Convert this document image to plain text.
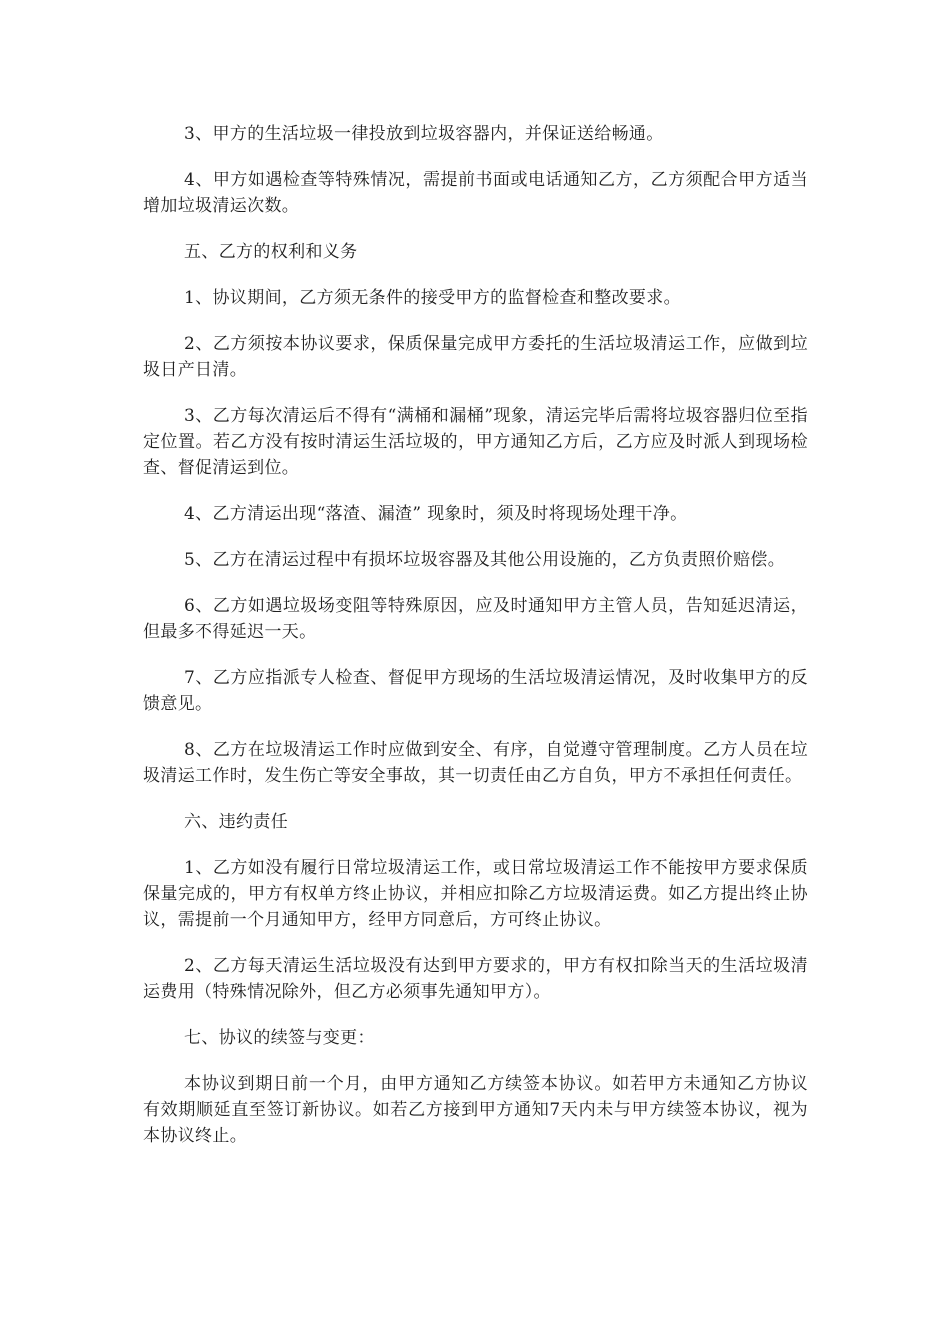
3、甲方的生活垃圾一律投放到垃圾容器内，并保证送给畅通。

4、甲方如遇检查等特殊情况，需提前书面或电话通知乙方，乙方须配合甲方适当增加垃圾清运次数。

五、乙方的权利和义务

1、协议期间，乙方须无条件的接受甲方的监督检查和整改要求。

2、乙方须按本协议要求，保质保量完成甲方委托的生活垃圾清运工作，应做到垃圾日产日清。

3、乙方每次清运后不得有“满桶和漏桶”现象，清运完毕后需将垃圾容器归位至指定位置。若乙方没有按时清运生活垃圾的，甲方通知乙方后，乙方应及时派人到现场检查、督促清运到位。

4、乙方清运出现“落渣、漏渣” 现象时，须及时将现场处理干净。

5、乙方在清运过程中有损坏垃圾容器及其他公用设施的，乙方负责照价赔偿。

6、乙方如遇垃圾场变阻等特殊原因，应及时通知甲方主管人员，告知延迟清运，但最多不得延迟一天。

7、乙方应指派专人检查、督促甲方现场的生活垃圾清运情况，及时收集甲方的反馈意见。

8、乙方在垃圾清运工作时应做到安全、有序，自觉遵守管理制度。乙方人员在垃圾清运工作时，发生伤亡等安全事故，其一切责任由乙方自负，甲方不承担任何责任。

六、违约责任

1、乙方如没有履行日常垃圾清运工作，或日常垃圾清运工作不能按甲方要求保质保量完成的，甲方有权单方终止协议，并相应扣除乙方垃圾清运费。如乙方提出终止协议，需提前一个月通知甲方，经甲方同意后，方可终止协议。

2、乙方每天清运生活垃圾没有达到甲方要求的，甲方有权扣除当天的生活垃圾清运费用（特殊情况除外，但乙方必须事先通知甲方）。

七、协议的续签与变更：

本协议到期日前一个月，由甲方通知乙方续签本协议。如若甲方未通知乙方协议有效期顺延直至签订新协议。如若乙方接到甲方通知7天内未与甲方续签本协议，视为本协议终止。
